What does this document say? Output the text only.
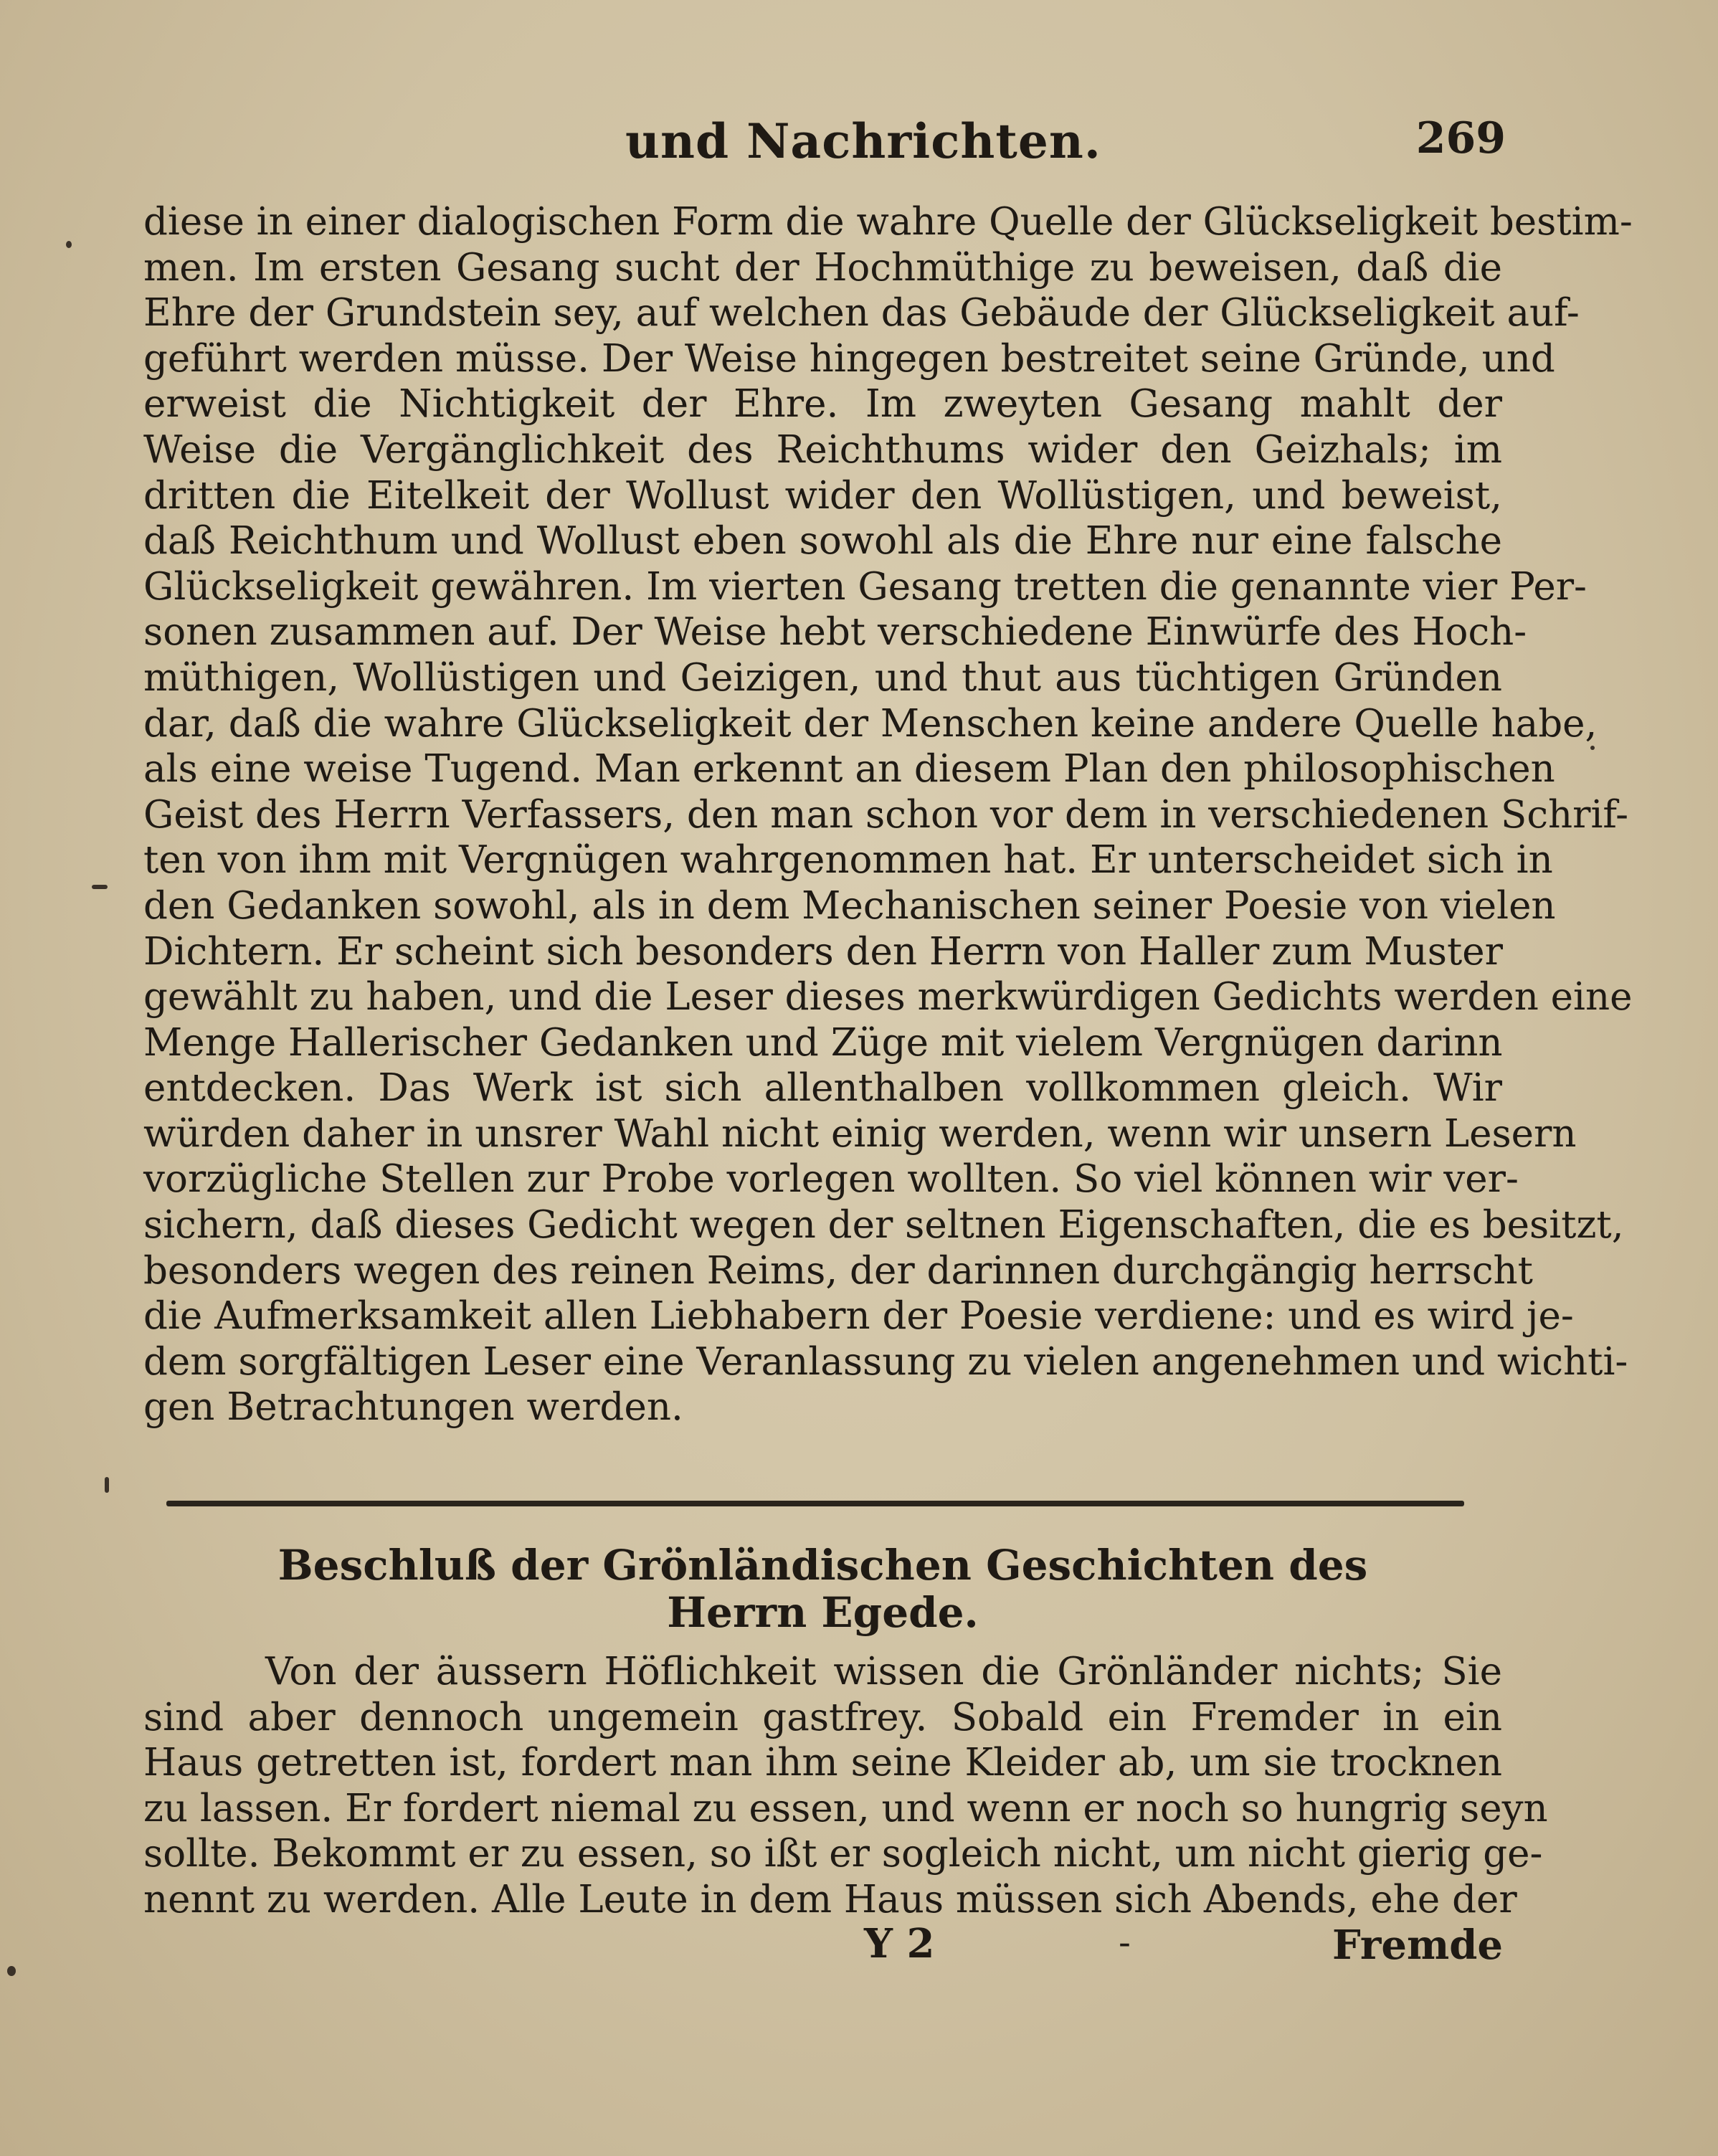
und Nachrichten.	269
diese in einer dialogischen Form die wahre Quelle der Glückseligkeit bestim-
men. Im ersten Gesang sucht der Hochmüthige zu beweisen, daß die
Ehre der Grundstein sey, auf welchen das Gebäude der Glückseligkeit auf-
geführt werden müsse. Der Weise hingegen bestreitet seine Gründe, und
erweist die Nichtigkeit der Ehre. Im zweyten Gesang mahlt der
Weise die Vergänglichkeit des Reichthums wider den Geizhals; im
dritten die Eitelkeit der Wollust wider den Wollüstigen, und beweist,
daß Reichthum und Wollust eben sowohl als die Ehre nur eine falsche
Glückseligkeit gewähren. Im vierten Gesang tretten die genannte vier Per-
sonen zusammen auf. Der Weise hebt verschiedene Einwürfe des Hoch-
müthigen, Wollüstigen und Geizigen, und thut aus tüchtigen Gründen
dar, daß die wahre Glückseligkeit der Menschen keine andere Quelle habe,
als eine weise Tugend. Man erkennt an diesem Plan den philosophischen
Geist des Herrn Verfassers, den man schon vor dem in verschiedenen Schrif-
ten von ihm mit Vergnügen wahrgenommen hat. Er unterscheidet sich in
den Gedanken sowohl, als in dem Mechanischen seiner Poesie von vielen
Dichtern. Er scheint sich besonders den Herrn von Haller zum Muster
gewählt zu haben, und die Leser dieses merkwürdigen Gedichts werden eine
Menge Hallerischer Gedanken und Züge mit vielem Vergnügen darinn
entdecken. Das Werk ist sich allenthalben vollkommen gleich. Wir
würden daher in unsrer Wahl nicht einig werden, wenn wir unsern Lesern
vorzügliche Stellen zur Probe vorlegen wollten. So viel können wir ver-
sichern, daß dieses Gedicht wegen der seltnen Eigenschaften, die es besitzt,
besonders wegen des reinen Reims, der darinnen durchgängig herrscht
die Aufmerksamkeit allen Liebhabern der Poesie verdiene: und es wird je-
dem sorgfältigen Leser eine Veranlassung zu vielen angenehmen und wichti-
gen Betrachtungen werden.
Beschluß der Grönländischen Geschichten des
Herrn Egede.
Von der äussern Höflichkeit wissen die Grönländer nichts; Sie
sind aber dennoch ungemein gastfrey. Sobald ein Fremder in ein
Haus getretten ist, fordert man ihm seine Kleider ab, um sie trocknen
zu lassen. Er fordert niemal zu essen, und wenn er noch so hungrig seyn
sollte. Bekommt er zu essen, so ißt er sogleich nicht, um nicht gierig ge-
nennt zu werden. Alle Leute in dem Haus müssen sich Abends, ehe der
Y 2	-	Fremde
